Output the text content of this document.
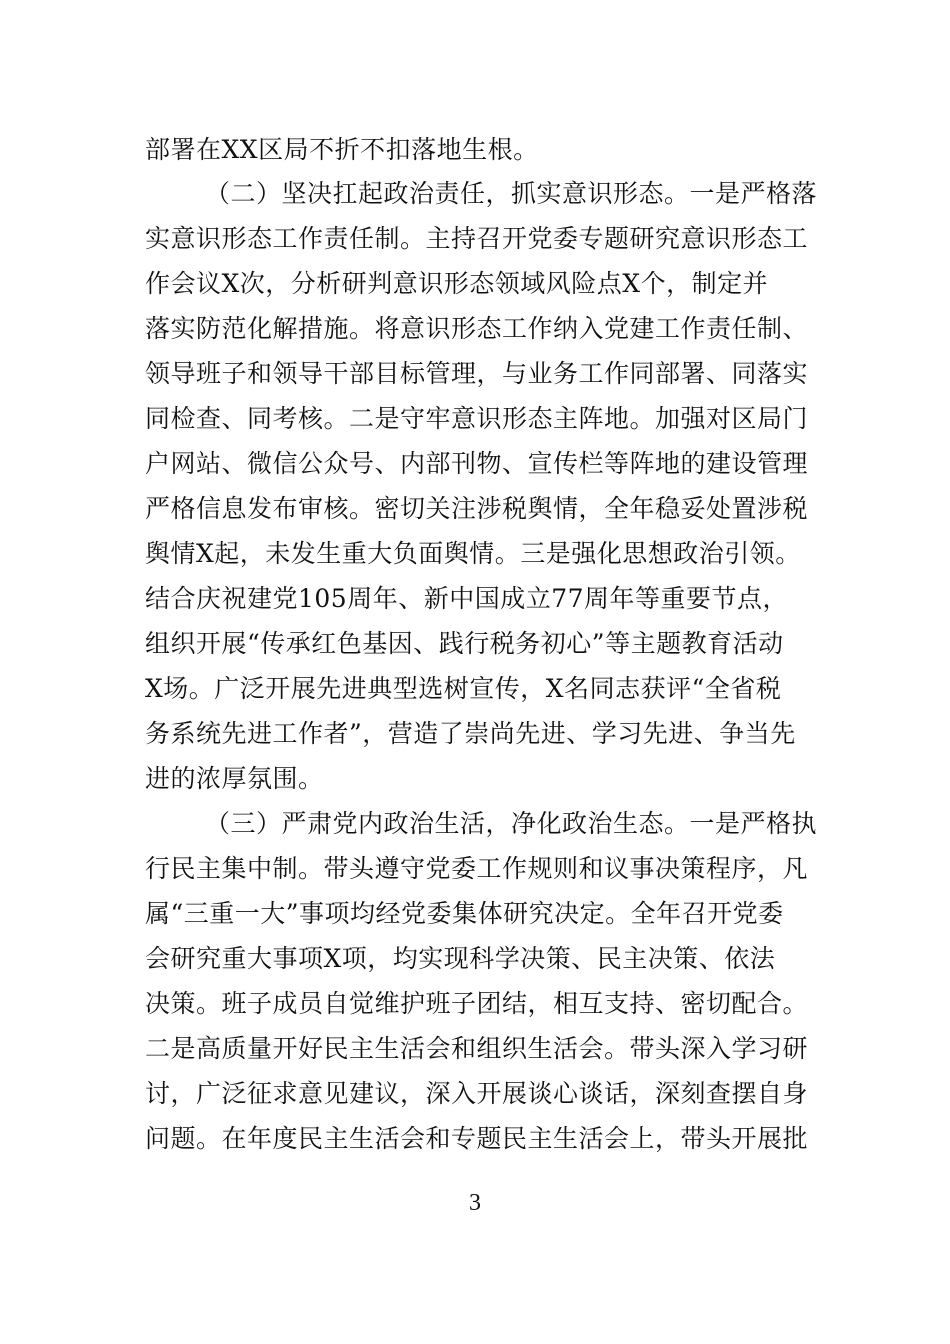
部署在XX区局不折不扣落地生根。
（二）坚决扛起政治责任，抓实意识形态。一是严格落
实意识形态工作责任制。主持召开党委专题研究意识形态工
作会议X次，分析研判意识形态领域风险点X个，制定并
落实防范化解措施。将意识形态工作纳入党建工作责任制、
领导班子和领导干部目标管理，与业务工作同部署、同落实
同检查、同考核。二是守牢意识形态主阵地。加强对区局门
户网站、微信公众号、内部刊物、宣传栏等阵地的建设管理
严格信息发布审核。密切关注涉税舆情，全年稳妥处置涉税
舆情X起，未发生重大负面舆情。三是强化思想政治引领。
结合庆祝建党105周年、新中国成立77周年等重要节点，
组织开展“传承红色基因、践行税务初心”等主题教育活动
X场。广泛开展先进典型选树宣传，X名同志获评“全省税
务系统先进工作者”，营造了崇尚先进、学习先进、争当先
进的浓厚氛围。
（三）严肃党内政治生活，净化政治生态。一是严格执
行民主集中制。带头遵守党委工作规则和议事决策程序，凡
属“三重一大”事项均经党委集体研究决定。全年召开党委
会研究重大事项X项，均实现科学决策、民主决策、依法
决策。班子成员自觉维护班子团结，相互支持、密切配合。
二是高质量开好民主生活会和组织生活会。带头深入学习研
讨，广泛征求意见建议，深入开展谈心谈话，深刻查摆自身
问题。在年度民主生活会和专题民主生活会上，带头开展批
3
